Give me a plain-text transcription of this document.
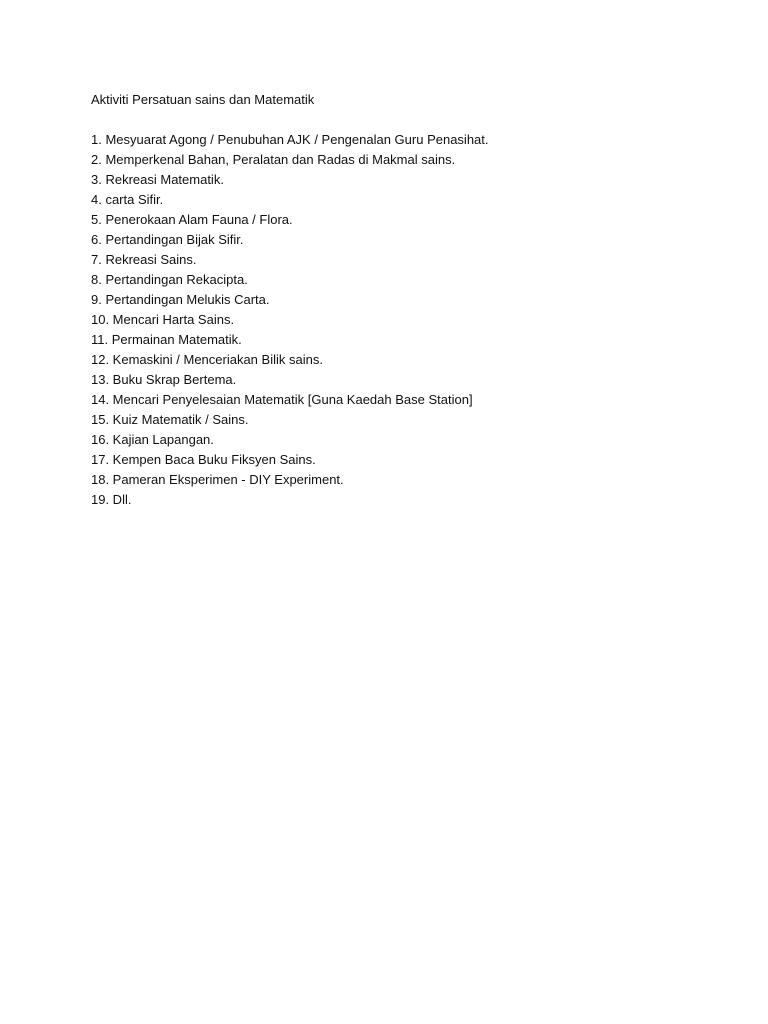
Aktiviti Persatuan sains dan Matematik
1. Mesyuarat Agong / Penubuhan AJK / Pengenalan Guru Penasihat.
2. Memperkenal Bahan, Peralatan dan Radas di Makmal sains.
3. Rekreasi Matematik.
4. carta Sifir.
5. Penerokaan Alam Fauna / Flora.
6. Pertandingan Bijak Sifir.
7. Rekreasi Sains.
8. Pertandingan Rekacipta.
9. Pertandingan Melukis Carta.
10. Mencari Harta Sains.
11. Permainan Matematik.
12. Kemaskini / Menceriakan Bilik sains.
13. Buku Skrap Bertema.
14. Mencari Penyelesaian Matematik [Guna Kaedah Base Station]
15. Kuiz Matematik / Sains.
16. Kajian Lapangan.
17. Kempen Baca Buku Fiksyen Sains.
18. Pameran Eksperimen - DIY Experiment.
19. Dll.
